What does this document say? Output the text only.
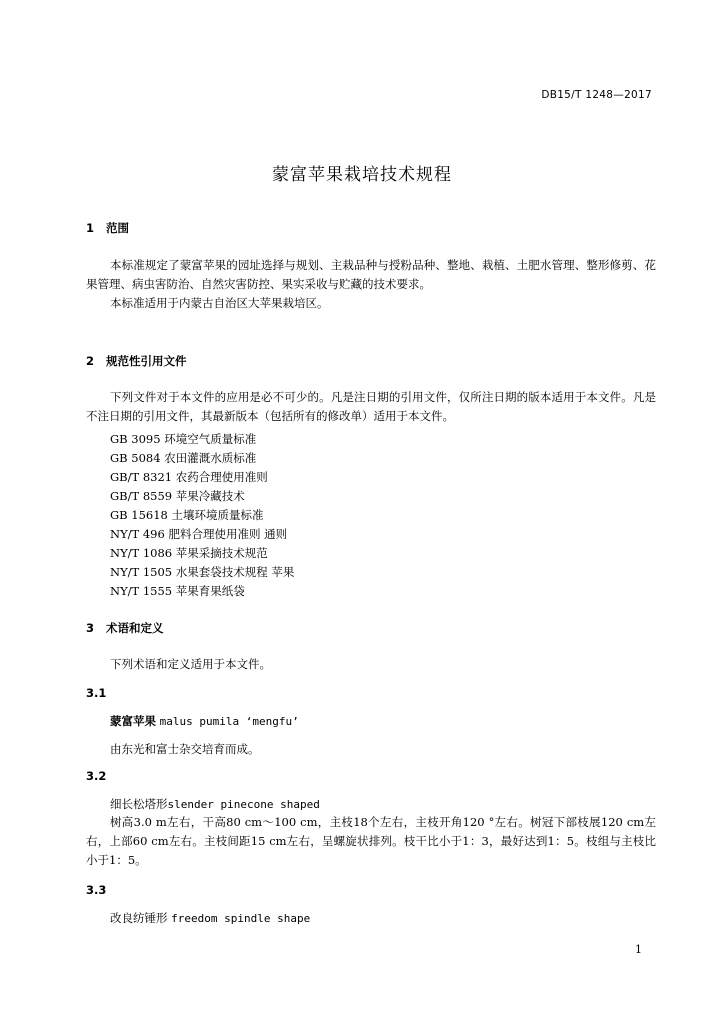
DB15/T 1248—2017
蒙富苹果栽培技术规程
1 范围
本标准规定了蒙富苹果的园址选择与规划、主栽品种与授粉品种、整地、栽植、土肥水管理、整形修剪、花果管理、病虫害防治、自然灾害防控、果实采收与贮藏的技术要求。
本标准适用于内蒙古自治区大苹果栽培区。
2 规范性引用文件
下列文件对于本文件的应用是必不可少的。凡是注日期的引用文件，仅所注日期的版本适用于本文件。凡是不注日期的引用文件，其最新版本（包括所有的修改单）适用于本文件。
GB 3095 环境空气质量标准
GB 5084 农田灌溉水质标准
GB/T 8321 农药合理使用准则
GB/T 8559 苹果冷藏技术
GB 15618 土壤环境质量标准
NY/T 496 肥料合理使用准则 通则
NY/T 1086 苹果采摘技术规范
NY/T 1505 水果套袋技术规程 苹果
NY/T 1555 苹果育果纸袋
3 术语和定义
下列术语和定义适用于本文件。
3.1
蒙富苹果 malus pumila ‘mengfu’
由东光和富士杂交培育而成。
3.2
细长松塔形slender pinecone shaped
树高3.0 m左右，干高80 cm～100 cm，主枝18个左右，主枝开角120 °左右。树冠下部枝展120 cm左右，上部60 cm左右。主枝间距15 cm左右，呈螺旋状排列。枝干比小于1：3，最好达到1：5。枝组与主枝比小于1：5。
3.3
改良纺锤形 freedom spindle shape
1
